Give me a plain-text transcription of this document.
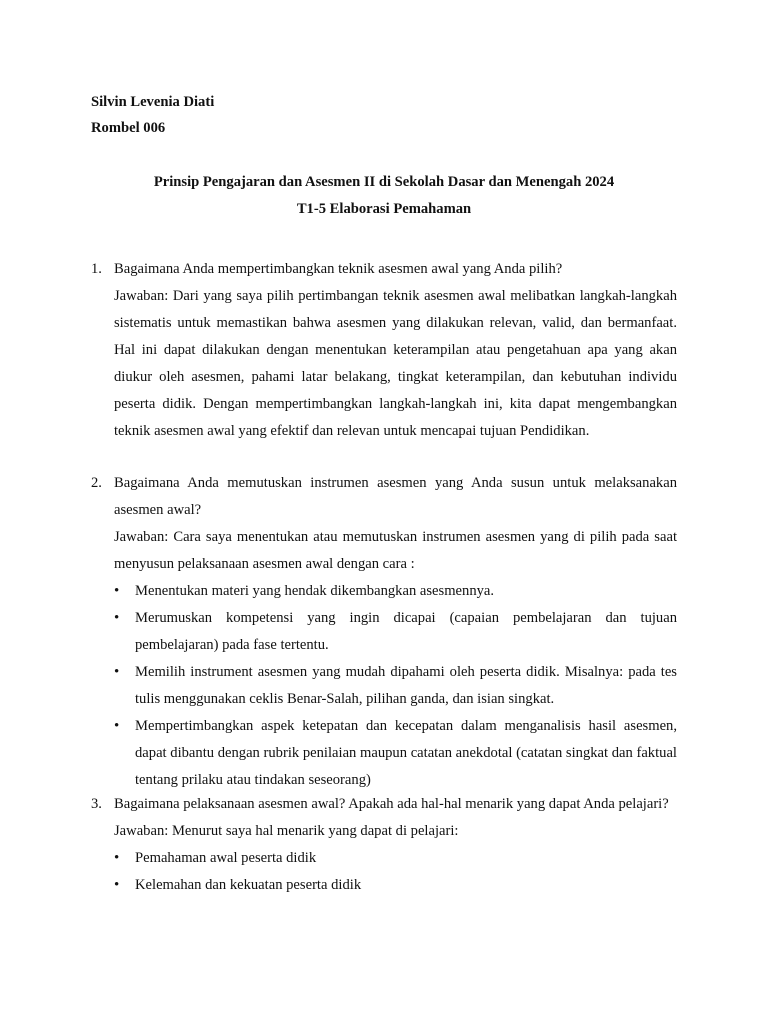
Silvin Levenia Diati
Rombel 006
Prinsip Pengajaran dan Asesmen II di Sekolah Dasar dan Menengah 2024
T1-5 Elaborasi Pemahaman
1. Bagaimana Anda mempertimbangkan teknik asesmen awal yang Anda pilih?
Jawaban: Dari yang saya pilih pertimbangan teknik asesmen awal melibatkan langkah-langkah sistematis untuk memastikan bahwa asesmen yang dilakukan relevan, valid, dan bermanfaat. Hal ini dapat dilakukan dengan menentukan keterampilan atau pengetahuan apa yang akan diukur oleh asesmen, pahami latar belakang, tingkat keterampilan, dan kebutuhan individu peserta didik. Dengan mempertimbangkan langkah-langkah ini, kita dapat mengembangkan teknik asesmen awal yang efektif dan relevan untuk mencapai tujuan Pendidikan.
2. Bagaimana Anda memutuskan instrumen asesmen yang Anda susun untuk melaksanakan asesmen awal?
Jawaban: Cara saya menentukan atau memutuskan instrumen asesmen yang di pilih pada saat menyusun pelaksanaan asesmen awal dengan cara :
• Menentukan materi yang hendak dikembangkan asesmennya.
• Merumuskan kompetensi yang ingin dicapai (capaian pembelajaran dan tujuan pembelajaran) pada fase tertentu.
• Memilih instrument asesmen yang mudah dipahami oleh peserta didik. Misalnya: pada tes tulis menggunakan ceklis Benar-Salah, pilihan ganda, dan isian singkat.
• Mempertimbangkan aspek ketepatan dan kecepatan dalam menganalisis hasil asesmen, dapat dibantu dengan rubrik penilaian maupun catatan anekdotal (catatan singkat dan faktual tentang prilaku atau tindakan seseorang)
3. Bagaimana pelaksanaan asesmen awal? Apakah ada hal-hal menarik yang dapat Anda pelajari?
Jawaban: Menurut saya hal menarik yang dapat di pelajari:
• Pemahaman awal peserta didik
• Kelemahan dan kekuatan peserta didik
